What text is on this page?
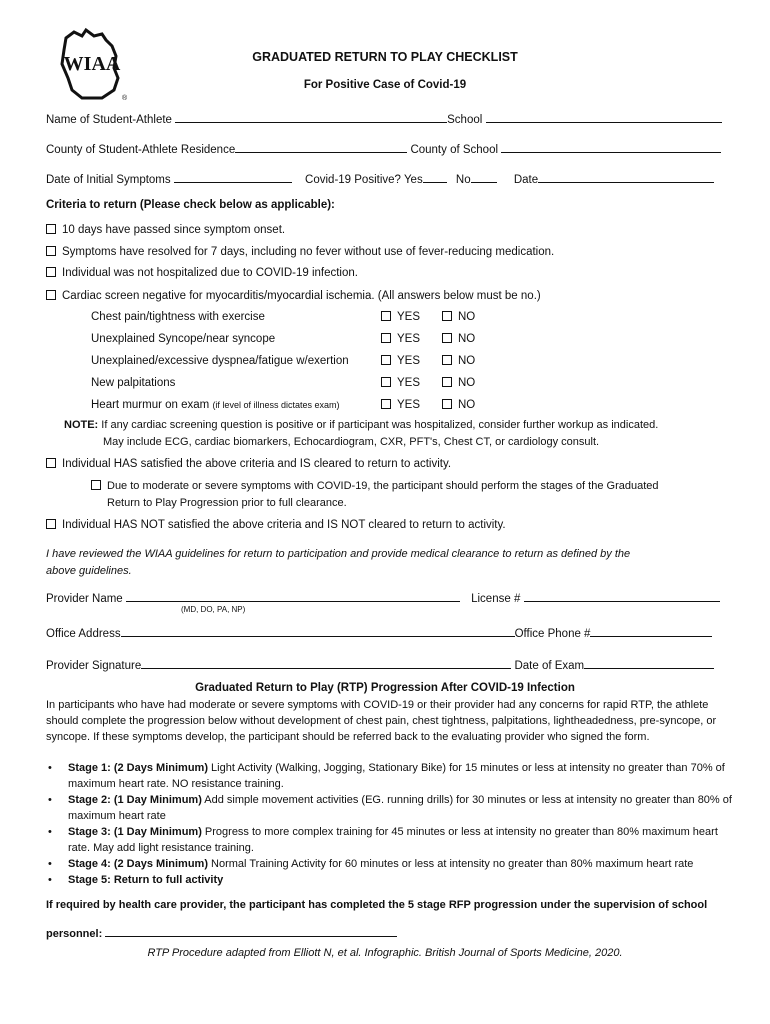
WIAA
®
GRADUATED RETURN TO PLAY CHECKLIST
For Positive Case of Covid-19
Name of Student-Athlete	School
County of Student-Athlete Residence	County of School
Date of Initial Symptoms	Covid-19 Positive? Yes	No	Date
Criteria to return (Please check below as applicable):
10 days have passed since symptom onset.
Symptoms have resolved for 7 days, including no fever without use of fever-reducing medication.
Individual was not hospitalized due to COVID-19 infection.
Cardiac screen negative for myocarditis/myocardial ischemia. (All answers below must be no.)
Chest pain/tightness with exercise	YES	NO
Unexplained Syncope/near syncope	YES	NO
Unexplained/excessive dyspnea/fatigue w/exertion	YES	NO
New palpitations	YES	NO
Heart murmur on exam (if level of illness dictates exam)	YES	NO
NOTE: If any cardiac screening question is positive or if participant was hospitalized, consider further workup as indicated.
May include ECG, cardiac biomarkers, Echocardiogram, CXR, PFT's, Chest CT, or cardiology consult.
Individual HAS satisfied the above criteria and IS cleared to return to activity.
Due to moderate or severe symptoms with COVID-19, the participant should perform the stages of the Graduated
Return to Play Progression prior to full clearance.
Individual HAS NOT satisfied the above criteria and IS NOT cleared to return to activity.
I have reviewed the WIAA guidelines for return to participation and provide medical clearance to return as defined by the
above guidelines.
Provider Name	License #
(MD, DO, PA, NP)
Office Address	Office Phone #
Provider Signature	Date of Exam
Graduated Return to Play (RTP) Progression After COVID-19 Infection
In participants who have had moderate or severe symptoms with COVID-19 or their provider had any concerns for rapid RTP, the athlete should complete the progression below without development of chest pain, chest tightness, palpitations, lightheadedness, pre-syncope, or syncope. If these symptoms develop, the participant should be referred back to the evaluating provider who signed the form.
• Stage 1: (2 Days Minimum) Light Activity (Walking, Jogging, Stationary Bike) for 15 minutes or less at intensity no greater than 70% of maximum heart rate. NO resistance training.
• Stage 2: (1 Day Minimum) Add simple movement activities (EG. running drills) for 30 minutes or less at intensity no greater than 80% of maximum heart rate
• Stage 3: (1 Day Minimum) Progress to more complex training for 45 minutes or less at intensity no greater than 80% maximum heart rate. May add light resistance training.
• Stage 4: (2 Days Minimum) Normal Training Activity for 60 minutes or less at intensity no greater than 80% maximum heart rate
• Stage 5: Return to full activity
If required by health care provider, the participant has completed the 5 stage RFP progression under the supervision of school
personnel:
RTP Procedure adapted from Elliott N, et al. Infographic. British Journal of Sports Medicine, 2020.
